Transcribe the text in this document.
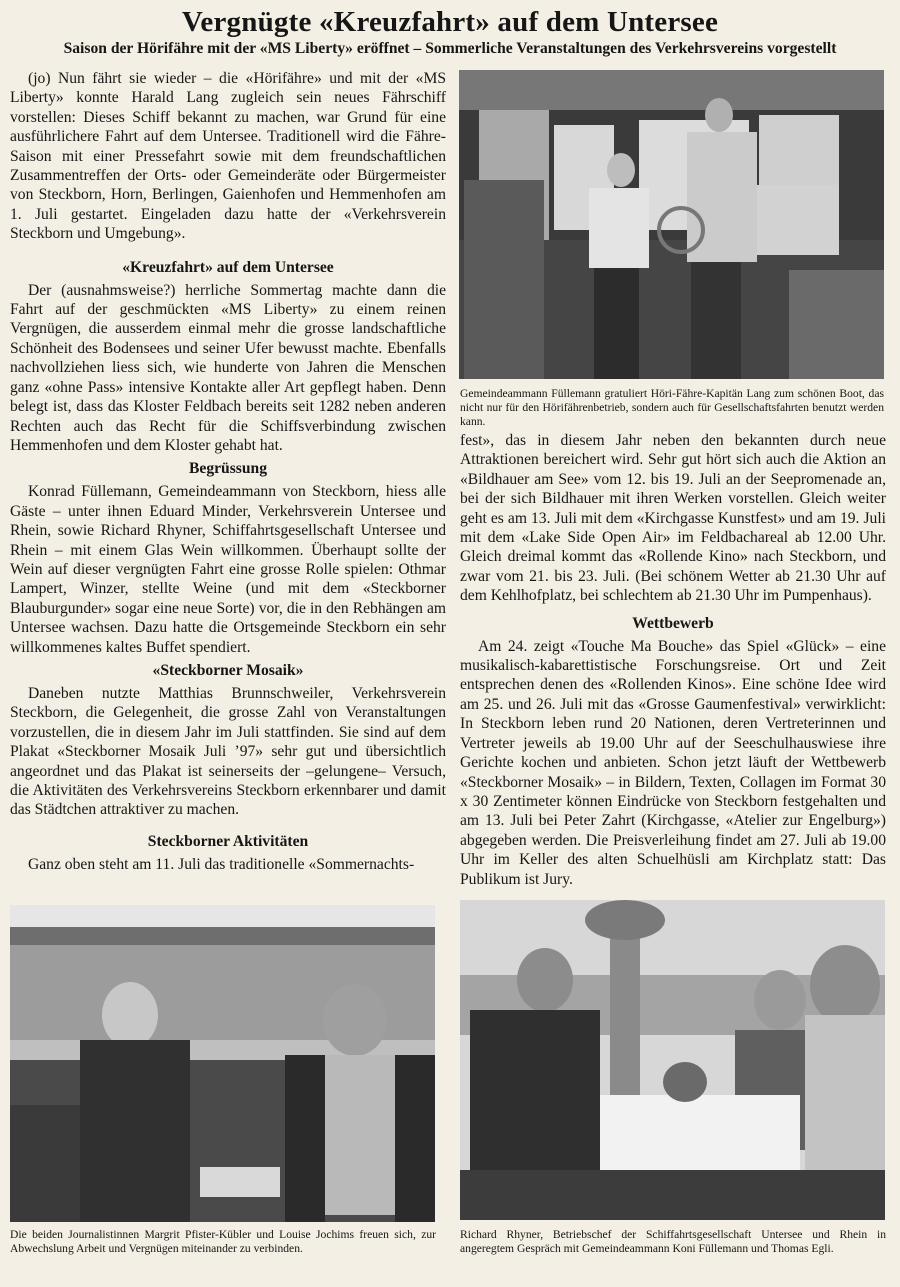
Vergnügte «Kreuzfahrt» auf dem Untersee
Saison der Hörifähre mit der «MS Liberty» eröffnet – Sommerliche Veranstaltungen des Verkehrsvereins vorgestellt

(jo) Nun fährt sie wieder – die «Hörifähre» und mit der «MS Liberty» konnte Harald Lang zugleich sein neues Fährschiff vorstellen: Dieses Schiff bekannt zu machen, war Grund für eine ausführlichere Fahrt auf dem Untersee. Traditionell wird die Fähre-Saison mit einer Pressefahrt sowie mit dem freundschaftlichen Zusammentreffen der Orts- oder Gemeinderäte oder Bürgermeister von Steckborn, Horn, Berlingen, Gaienhofen und Hemmenhofen am 1. Juli gestartet. Eingeladen dazu hatte der «Verkehrsverein Steckborn und Umgebung».

«Kreuzfahrt» auf dem Untersee

Der (ausnahmsweise?) herrliche Sommertag machte dann die Fahrt auf der geschmückten «MS Liberty» zu einem reinen Vergnügen, die ausserdem einmal mehr die grosse landschaftliche Schönheit des Bodensees und seiner Ufer bewusst machte. Ebenfalls nachvollziehen liess sich, wie hunderte von Jahren die Menschen ganz «ohne Pass» intensive Kontakte aller Art gepflegt haben. Denn belegt ist, dass das Kloster Feldbach bereits seit 1282 neben anderen Rechten auch das Recht für die Schiffsverbindung zwischen Hemmenhofen und dem Kloster gehabt hat.

Begrüssung

Konrad Füllemann, Gemeindeammann von Steckborn, hiess alle Gäste – unter ihnen Eduard Minder, Verkehrsverein Untersee und Rhein, sowie Richard Rhyner, Schiffahrtsgesellschaft Untersee und Rhein – mit einem Glas Wein willkommen. Überhaupt sollte der Wein auf dieser vergnügten Fahrt eine grosse Rolle spielen: Othmar Lampert, Winzer, stellte Weine (und mit dem «Steckborner Blauburgunder» sogar eine neue Sorte) vor, die in den Rebhängen am Untersee wachsen. Dazu hatte die Ortsgemeinde Steckborn ein sehr willkommenes kaltes Buffet spendiert.

«Steckborner Mosaik»

Daneben nutzte Matthias Brunnschweiler, Verkehrsverein Steckborn, die Gelegenheit, die grosse Zahl von Veranstaltungen vorzustellen, die in diesem Jahr im Juli stattfinden. Sie sind auf dem Plakat «Steckborner Mosaik Juli ’97» sehr gut und übersichtlich angeordnet und das Plakat ist seinerseits der –gelungene– Versuch, die Aktivitäten des Verkehrsvereins Steckborn erkennbarer und damit das Städtchen attraktiver zu machen.

Steckborner Aktivitäten

Ganz oben steht am 11. Juli das traditionelle «Sommernachts-

Gemeindeammann Füllemann gratuliert Höri-Fähre-Kapitän Lang zum schönen Boot, das nicht nur für den Hörifährenbetrieb, sondern auch für Gesellschaftsfahrten benutzt werden kann.

fest», das in diesem Jahr neben den bekannten durch neue Attraktionen bereichert wird. Sehr gut hört sich auch die Aktion an «Bildhauer am See» vom 12. bis 19. Juli an der Seepromenade an, bei der sich Bildhauer mit ihren Werken vorstellen. Gleich weiter geht es am 13. Juli mit dem «Kirchgasse Kunstfest» und am 19. Juli mit dem «Lake Side Open Air» im Feldbachareal ab 12.00 Uhr. Gleich dreimal kommt das «Rollende Kino» nach Steckborn, und zwar vom 21. bis 23. Juli. (Bei schönem Wetter ab 21.30 Uhr auf dem Kehlhofplatz, bei schlechtem ab 21.30 Uhr im Pumpenhaus).

Wettbewerb

Am 24. zeigt «Touche Ma Bouche» das Spiel «Glück» – eine musikalisch-kabarettistische Forschungsreise. Ort und Zeit entsprechen denen des «Rollenden Kinos». Eine schöne Idee wird am 25. und 26. Juli mit das «Grosse Gaumenfestival» verwirklicht: In Steckborn leben rund 20 Nationen, deren Vertreterinnen und Vertreter jeweils ab 19.00 Uhr auf der Seeschulhauswiese ihre Gerichte kochen und anbieten. Schon jetzt läuft der Wettbewerb «Steckborner Mosaik» – in Bildern, Texten, Collagen im Format 30 x 30 Zentimeter können Eindrücke von Steckborn festgehalten und am 13. Juli bei Peter Zahrt (Kirchgasse, «Atelier zur Engelburg») abgegeben werden. Die Preisverleihung findet am 27. Juli ab 19.00 Uhr im Keller des alten Schuelhüsli am Kirchplatz statt: Das Publikum ist Jury.

Die beiden Journalistinnen Margrit Pfister-Kübler und Louise Jochims freuen sich, zur Abwechslung Arbeit und Vergnügen miteinander zu verbinden.
Richard Rhyner, Betriebschef der Schiffahrtsgesellschaft Untersee und Rhein in angeregtem Gespräch mit Gemeindeammann Koni Füllemann und Thomas Egli.
